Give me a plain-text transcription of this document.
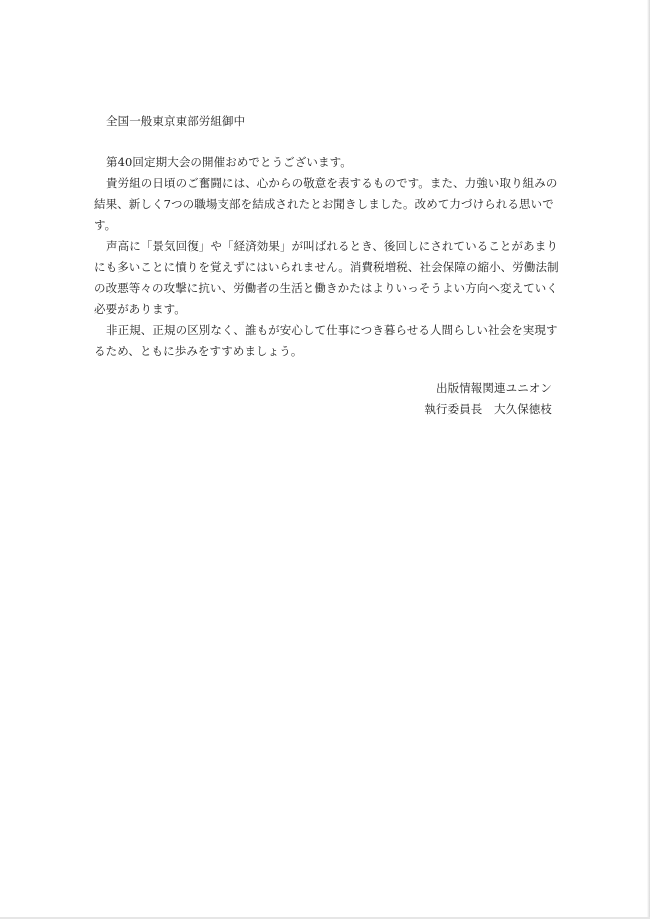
全国一般東京東部労組御中
第40回定期大会の開催おめでとうございます。
貴労組の日頃のご奮闘には、心からの敬意を表するものです。また、力強い取り組みの
結果、新しく7つの職場支部を結成されたとお聞きしました。改めて力づけられる思いで
す。
声高に「景気回復」や「経済効果」が叫ばれるとき、後回しにされていることがあまり
にも多いことに憤りを覚えずにはいられません。消費税増税、社会保障の縮小、労働法制
の改悪等々の攻撃に抗い、労働者の生活と働きかたはよりいっそうよい方向へ変えていく
必要があります。
非正規、正規の区別なく、誰もが安心して仕事につき暮らせる人間らしい社会を実現す
るため、ともに歩みをすすめましょう。
出版情報関連ユニオン
執行委員長　大久保徳枝
